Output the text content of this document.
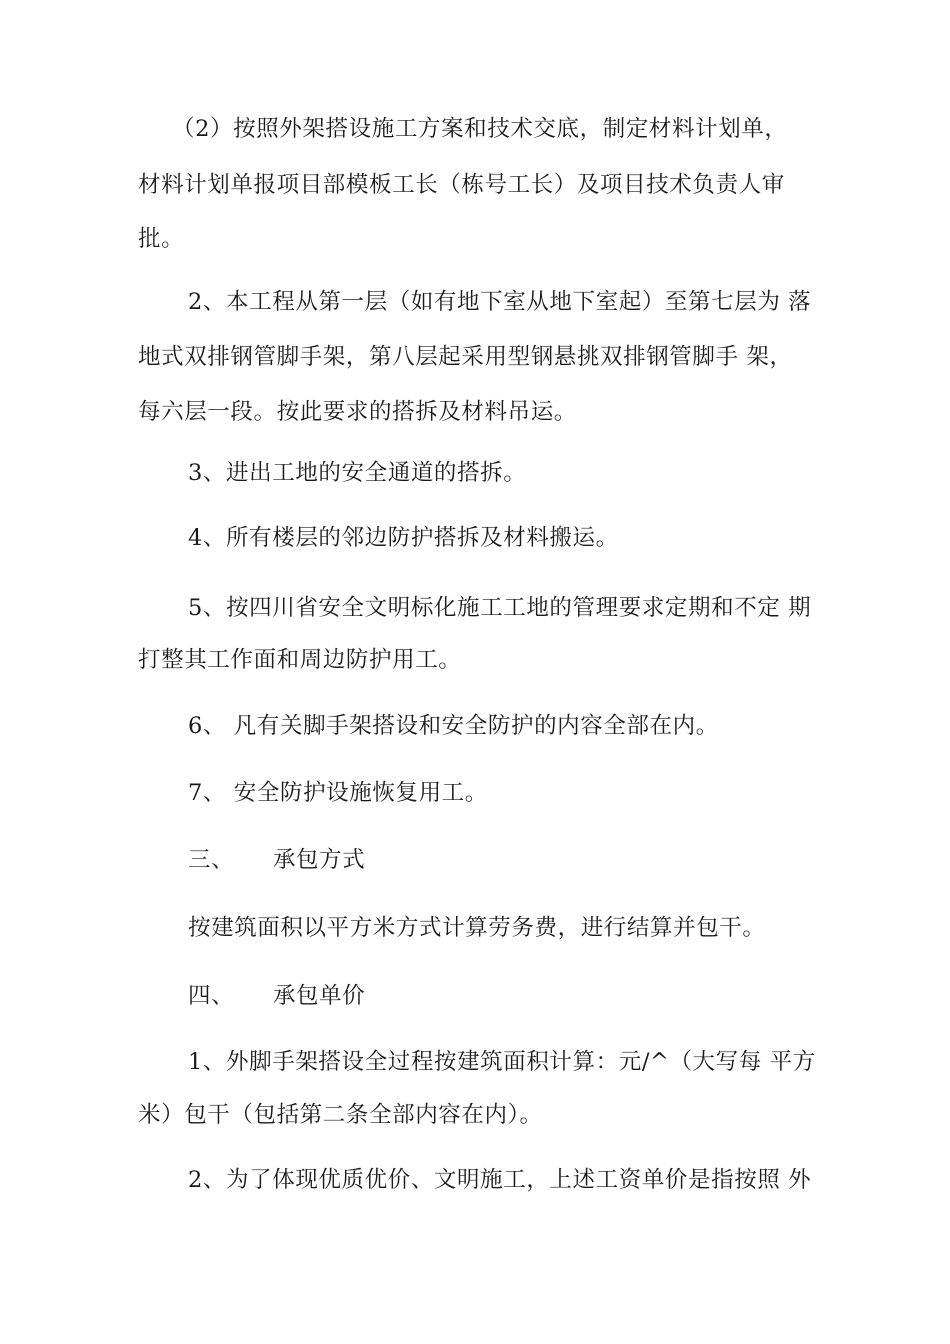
（2）按照外架搭设施工方案和技术交底，制定材料计划单，
材料计划单报项目部模板工长（栋号工长）及项目技术负责人审
批。
2、本工程从第一层（如有地下室从地下室起）至第七层为 落
地式双排钢管脚手架，第八层起采用型钢悬挑双排钢管脚手 架，
每六层一段。按此要求的搭拆及材料吊运。
3、进出工地的安全通道的搭拆。
4、所有楼层的邻边防护搭拆及材料搬运。
5、按四川省安全文明标化施工工地的管理要求定期和不定 期
打整其工作面和周边防护用工。
6、 凡有关脚手架搭设和安全防护的内容全部在内。
7、 安全防护设施恢复用工。
三、     承包方式
按建筑面积以平方米方式计算劳务费，进行结算并包干。
四、     承包单价
1、外脚手架搭设全过程按建筑面积计算：元/^（大写每 平方
米）包干（包括第二条全部内容在内）。
2、为了体现优质优价、文明施工，上述工资单价是指按照 外
